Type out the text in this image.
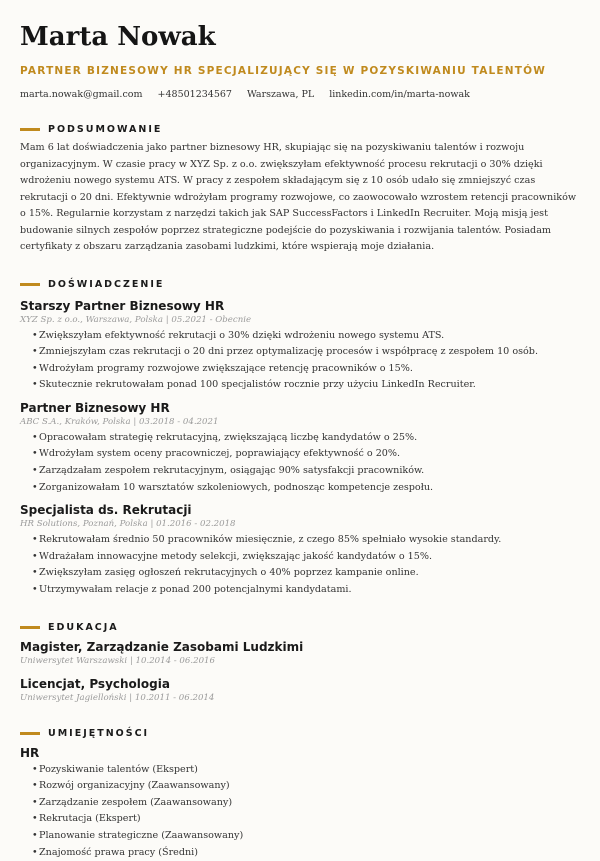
Marta Nowak
PARTNER BIZNESOWY HR SPECJALIZUJĄCY SIĘ W POZYSKIWANIU TALENTÓW
marta.nowak@gmail.com +48501234567 Warszawa, PL linkedin.com/in/marta-nowak
PODSUMOWANIE
Mam 6 lat doświadczenia jako partner biznesowy HR, skupiając się na pozyskiwaniu talentów i rozwoju organizacyjnym. W czasie pracy w XYZ Sp. z o.o. zwiększyłam efektywność procesu rekrutacji o 30% dzięki wdrożeniu nowego systemu ATS. W pracy z zespołem składającym się z 10 osób udało się zmniejszyć czas rekrutacji o 20 dni. Efektywnie wdrożyłam programy rozwojowe, co zaowocowało wzrostem retencji pracowników o 15%. Regularnie korzystam z narzędzi takich jak SAP SuccessFactors i LinkedIn Recruiter. Moją misją jest budowanie silnych zespołów poprzez strategiczne podejście do pozyskiwania i rozwijania talentów. Posiadam certyfikaty z obszaru zarządzania zasobami ludzkimi, które wspierają moje działania.
DOŚWIADCZENIE
Starszy Partner Biznesowy HR
XYZ Sp. z o.o., Warszawa, Polska | 05.2021 - Obecnie
• Zwiększyłam efektywność rekrutacji o 30% dzięki wdrożeniu nowego systemu ATS.
• Zmniejszyłam czas rekrutacji o 20 dni przez optymalizację procesów i współpracę z zespołem 10 osób.
• Wdrożyłam programy rozwojowe zwiększające retencję pracowników o 15%.
• Skutecznie rekrutowałam ponad 100 specjalistów rocznie przy użyciu LinkedIn Recruiter.
Partner Biznesowy HR
ABC S.A., Kraków, Polska | 03.2018 - 04.2021
• Opracowałam strategię rekrutacyjną, zwiększającą liczbę kandydatów o 25%.
• Wdrożyłam system oceny pracowniczej, poprawiający efektywność o 20%.
• Zarządzałam zespołem rekrutacyjnym, osiągając 90% satysfakcji pracowników.
• Zorganizowałam 10 warsztatów szkoleniowych, podnosząc kompetencje zespołu.
Specjalista ds. Rekrutacji
HR Solutions, Poznań, Polska | 01.2016 - 02.2018
• Rekrutowałam średnio 50 pracowników miesięcznie, z czego 85% spełniało wysokie standardy.
• Wdrażałam innowacyjne metody selekcji, zwiększając jakość kandydatów o 15%.
• Zwiększyłam zasięg ogłoszeń rekrutacyjnych o 40% poprzez kampanie online.
• Utrzymywałam relacje z ponad 200 potencjalnymi kandydatami.
EDUKACJA
Magister, Zarządzanie Zasobami Ludzkimi
Uniwersytet Warszawski | 10.2014 - 06.2016
Licencjat, Psychologia
Uniwersytet Jagielloński | 10.2011 - 06.2014
UMIEJĘTNOŚCI
HR
• Pozyskiwanie talentów (Ekspert)
• Rozwój organizacyjny (Zaawansowany)
• Zarządzanie zespołem (Zaawansowany)
• Rekrutacja (Ekspert)
• Planowanie strategiczne (Zaawansowany)
• Znajomość prawa pracy (Średni)
